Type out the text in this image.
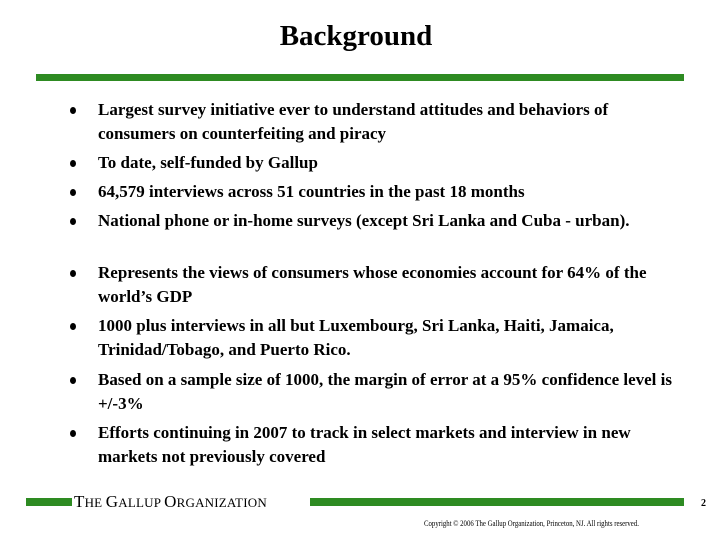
Background
Largest survey initiative ever to understand attitudes and behaviors of consumers on counterfeiting and piracy
To date, self-funded by Gallup
64,579 interviews across 51 countries in the past 18 months
National phone or in-home surveys (except Sri Lanka and Cuba - urban).
Represents the views of consumers whose economies account for 64% of the world’s GDP
1000 plus interviews in all but Luxembourg, Sri Lanka, Haiti, Jamaica, Trinidad/Tobago, and Puerto Rico.
Based on a sample size of 1000, the margin of error at a 95% confidence level is +/-3%
Efforts continuing in 2007 to track in select markets and interview in new markets not previously covered
THE GALLUP ORGANIZATION	2
Copyright © 2006 The Gallup Organization, Princeton, NJ. All rights reserved.
